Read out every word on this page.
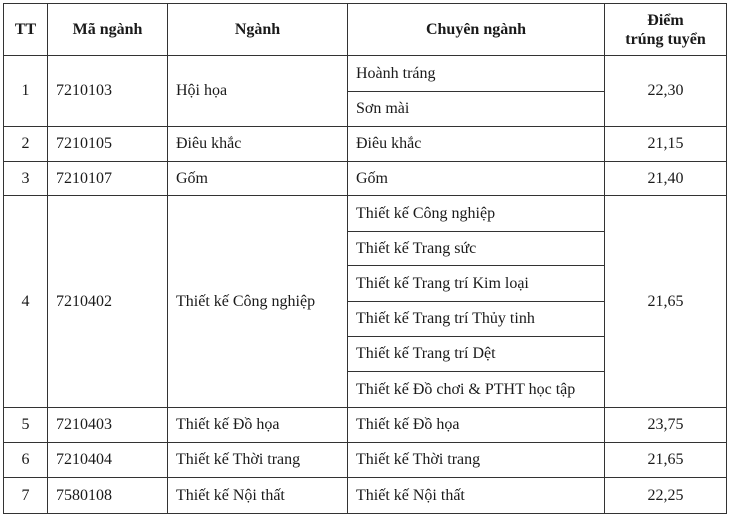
TT	Mã ngành	Ngành	Chuyên ngành	Điểm
trúng tuyển
1	7210103	Hội họa	Hoành tráng	22,30
			Sơn mài	
2	7210105	Điêu khắc	Điêu khắc	21,15
3	7210107	Gốm	Gốm	21,40
4	7210402	Thiết kế Công nghiệp	Thiết kế Công nghiệp	21,65
			Thiết kế Trang sức	
			Thiết kế Trang trí Kim loại	
			Thiết kế Trang trí Thủy tinh	
			Thiết kế Trang trí Dệt	
			Thiết kế Đồ chơi & PTHT học tập	
5	7210403	Thiết kế Đồ họa	Thiết kế Đồ họa	23,75
6	7210404	Thiết kế Thời trang	Thiết kế Thời trang	21,65
7	7580108	Thiết kế Nội thất	Thiết kế Nội thất	22,25
